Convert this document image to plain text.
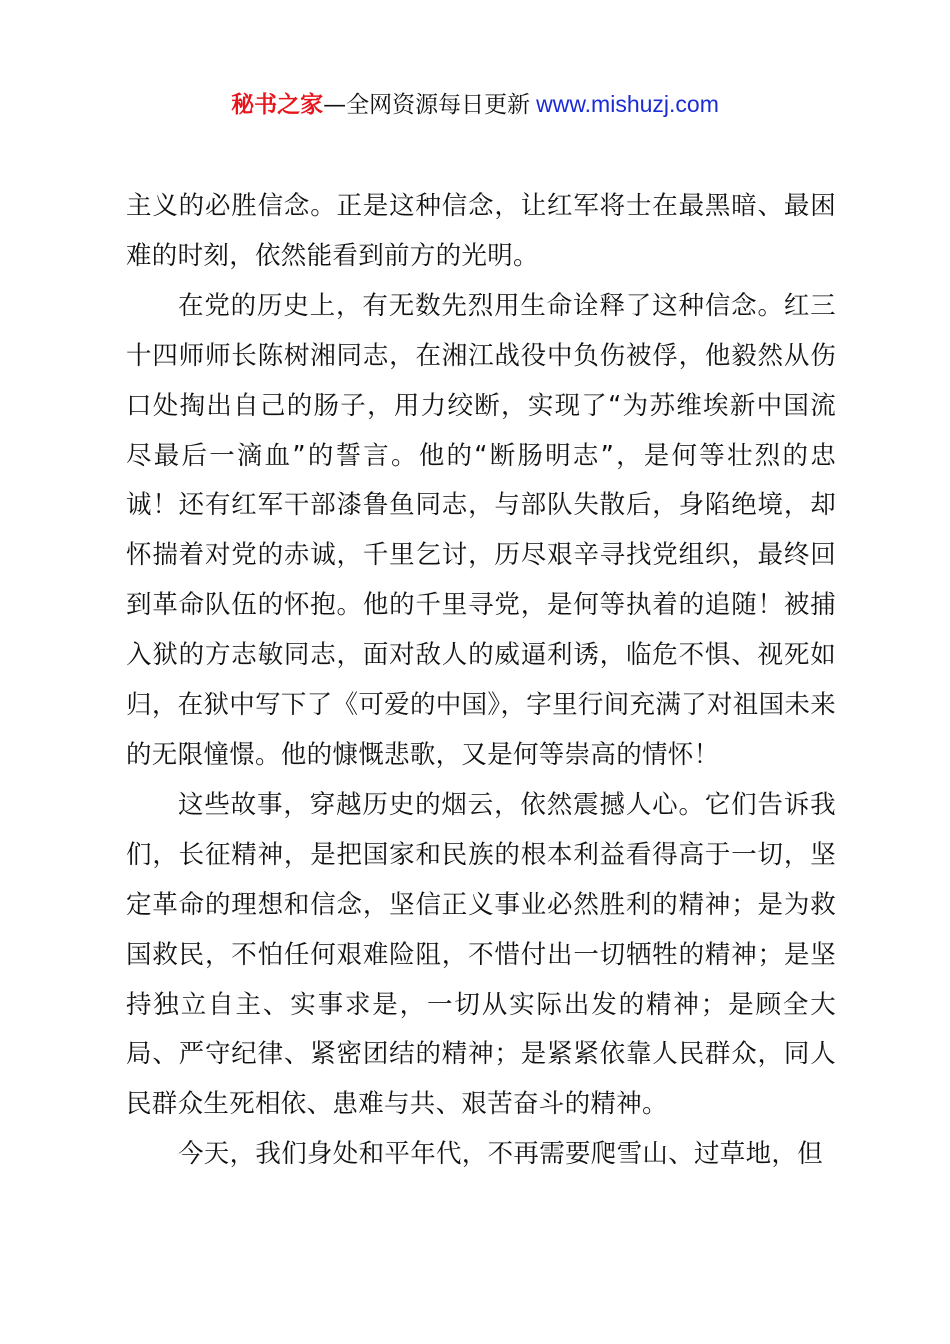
秘书之家—全网资源每日更新 www.mishuzj.com

主义的必胜信念。正是这种信念，让红军将士在最黑暗、最困难的时刻，依然能看到前方的光明。

在党的历史上，有无数先烈用生命诠释了这种信念。红三十四师师长陈树湘同志，在湘江战役中负伤被俘，他毅然从伤口处掏出自己的肠子，用力绞断，实现了“为苏维埃新中国流尽最后一滴血”的誓言。他的“断肠明志”，是何等壮烈的忠诚！还有红军干部漆鲁鱼同志，与部队失散后，身陷绝境，却怀揣着对党的赤诚，千里乞讨，历尽艰辛寻找党组织，最终回到革命队伍的怀抱。他的千里寻党，是何等执着的追随！被捕入狱的方志敏同志，面对敌人的威逼利诱，临危不惧、视死如归，在狱中写下了《可爱的中国》，字里行间充满了对祖国未来的无限憧憬。他的慷慨悲歌，又是何等崇高的情怀！

这些故事，穿越历史的烟云，依然震撼人心。它们告诉我们，长征精神，是把国家和民族的根本利益看得高于一切，坚定革命的理想和信念，坚信正义事业必然胜利的精神；是为救国救民，不怕任何艰难险阻，不惜付出一切牺牲的精神；是坚持独立自主、实事求是，一切从实际出发的精神；是顾全大局、严守纪律、紧密团结的精神；是紧紧依靠人民群众，同人民群众生死相依、患难与共、艰苦奋斗的精神。

今天，我们身处和平年代，不再需要爬雪山、过草地，但
